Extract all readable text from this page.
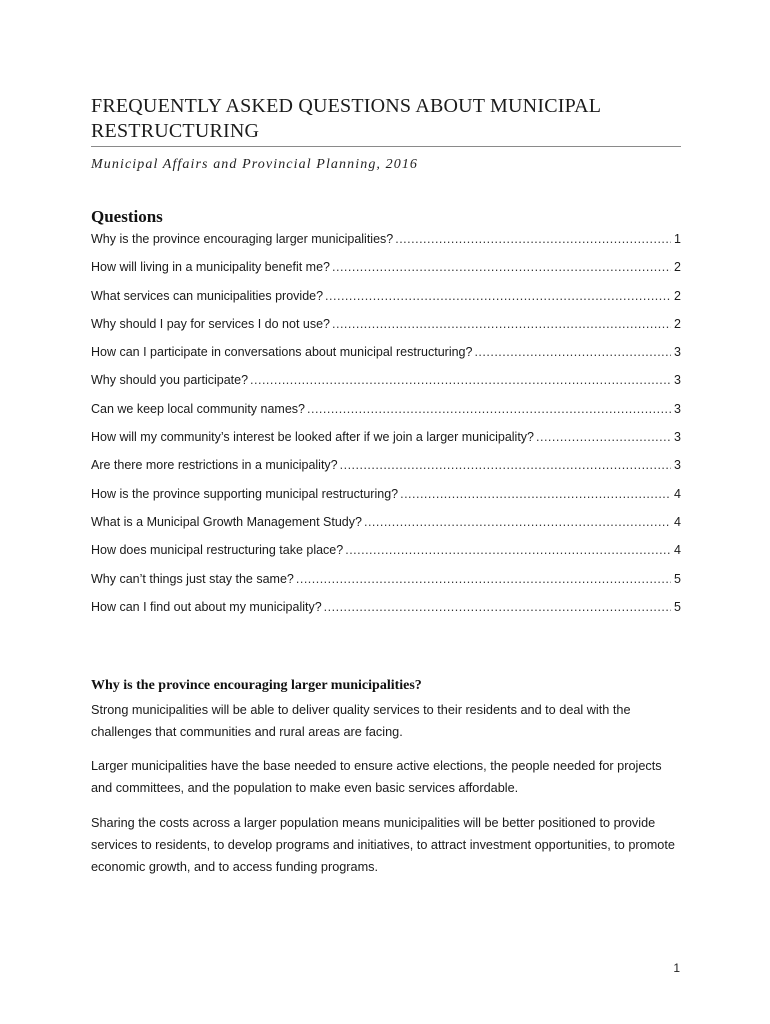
FREQUENTLY ASKED QUESTIONS ABOUT MUNICIPAL RESTRUCTURING
Municipal Affairs and Provincial Planning, 2016
Questions
Why is the province encouraging larger municipalities? .....	1
How will living in a municipality benefit me? .....	2
What services can municipalities provide? .....	2
Why should I pay for services I do not use? .....	2
How can I participate in conversations about municipal restructuring? .....	3
Why should you participate? .....	3
Can we keep local community names? .....	3
How will my community’s interest be looked after if we join a larger municipality? .....	3
Are there more restrictions in a municipality? .....	3
How is the province supporting municipal restructuring? .....	4
What is a Municipal Growth Management Study? .....	4
How does municipal restructuring take place? .....	4
Why can’t things just stay the same? .....	5
How can I find out about my municipality? .....	5
Why is the province encouraging larger municipalities?

Strong municipalities will be able to deliver quality services to their residents and to deal with the challenges that communities and rural areas are facing.

Larger municipalities have the base needed to ensure active elections, the people needed for projects and committees, and the population to make even basic services affordable.

Sharing the costs across a larger population means municipalities will be better positioned to provide services to residents, to develop programs and initiatives, to attract investment opportunities, to promote economic growth, and to access funding programs.

1
